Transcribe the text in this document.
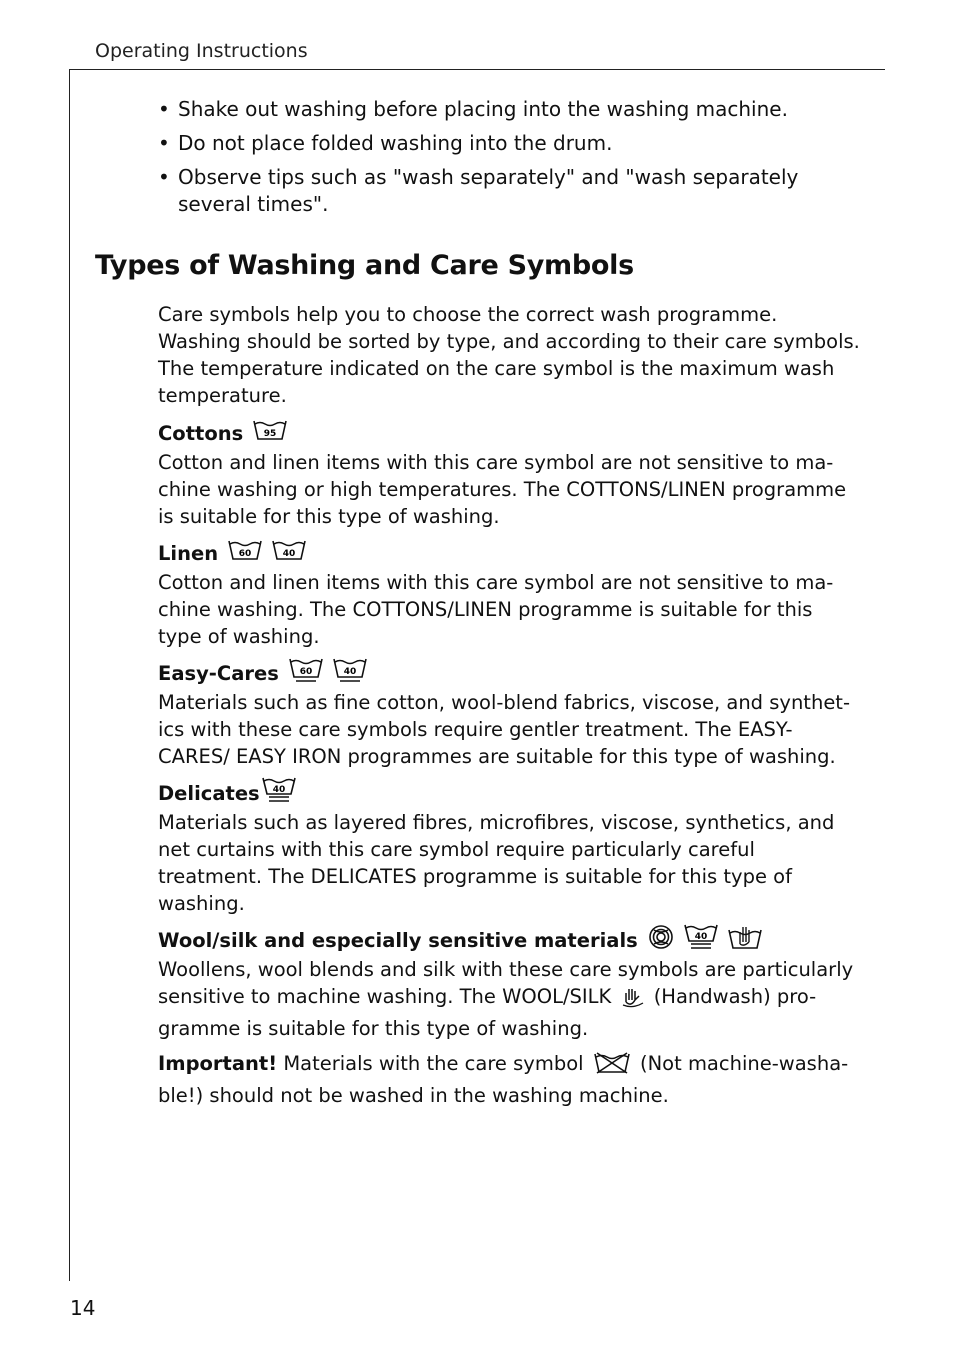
Operating Instructions
• Shake out washing before placing into the washing machine.
• Do not place folded washing into the drum.
• Observe tips such as "wash separately" and "wash separately several times".
Types of Washing and Care Symbols

Care symbols help you to choose the correct wash programme. Washing should be sorted by type, and according to their care symbols. The temperature indicated on the care symbol is the maximum wash temperature.

Cottons 95

Cotton and linen items with this care symbol are not sensitive to ma-chine washing or high temperatures. The COTTONS/LINEN programme is suitable for this type of washing.

Linen 60	40

Cotton and linen items with this care symbol are not sensitive to ma-chine washing. The COTTONS/LINEN programme is suitable for this type of washing.

Easy-Cares 60	40

Materials such as fine cotton, wool-blend fabrics, viscose, and synthet-ics with these care symbols require gentler treatment. The EASY-CARES/ EASY IRON programmes are suitable for this type of washing.

Delicates 40

Materials such as layered fibres, microfibres, viscose, synthetics, and net curtains with this care symbol require particularly careful treatment. The DELICATES programme is suitable for this type of washing.

Wool/silk and especially sensitive materials	40

Woollens, wool blends and silk with these care symbols are particularly sensitive to machine washing. The WOOL/SILK (Handwash) pro-gramme is suitable for this type of washing.

Important! Materials with the care symbol	(Not machine-washa-ble!) should not be washed in the washing machine.

14
